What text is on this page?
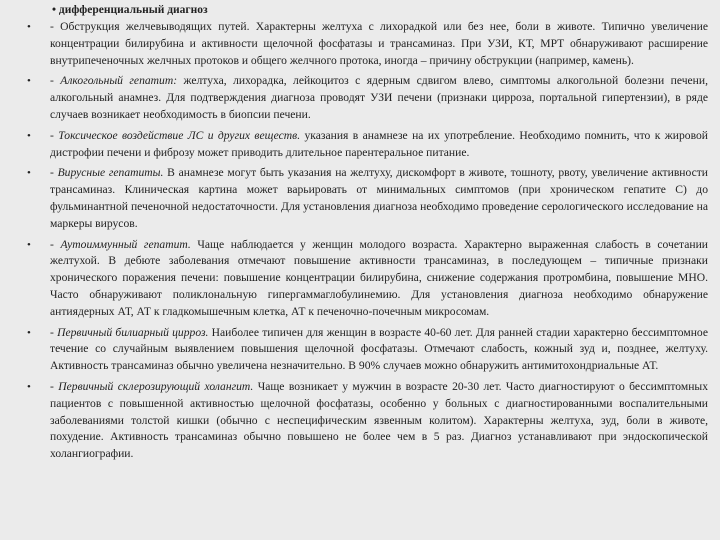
• дифференциальный диагноз
• - Обструкция желчевыводящих путей. Характерны желтуха с лихорадкой или без нее, боли в животе. Типично увеличение концентрации билирубина и активности щелочной фосфатазы и трансаминаз. При УЗИ, КТ, МРТ обнаруживают расширение внутрипеченочных желчных протоков и общего желчного протока, иногда – причину обструкции (например, камень).
• - Алкогольный гепатит: желтуха, лихорадка, лейкоцитоз с ядерным сдвигом влево, симптомы алкогольной болезни печени, алкогольный анамнез. Для подтверждения диагноза проводят УЗИ печени (признаки цирроза, портальной гипертензии), в ряде случаев возникает необходимость в биопсии печени.
• - Токсическое воздействие ЛС и других веществ. указания в анамнезе на их употребление. Необходимо помнить, что к жировой дистрофии печени и фиброзу может приводить длительное парентеральное питание.
• - Вирусные гепатиты. В анамнезе могут быть указания на желтуху, дискомфорт в животе, тошноту, рвоту, увеличение активности трансаминаз. Клиническая картина может варьировать от минимальных симптомов (при хроническом гепатите С) до фульминантной печеночной недостаточности. Для установления диагноза необходимо проведение серологического исследование на маркеры вирусов.
• - Аутоиммунный гепатит. Чаще наблюдается у женщин молодого возраста. Характерно выраженная слабость в сочетании желтухой. В дебюте заболевания отмечают повышение активности трансаминаз, в последующем – типичные признаки хронического поражения печени: повышение концентрации билирубина, снижение содержания протромбина, повышение МНО. Часто обнаруживают поликлональную гипергаммаглобулинемию. Для установления диагноза необходимо обнаружение антиядерных АТ, АТ к гладкомышечным клетка, АТ к печеночно-почечным микросомам.
• - Первичный билиарный цирроз. Наиболее типичен для женщин в возрасте 40-60 лет. Для ранней стадии характерно бессимптомное течение со случайным выявлением повышения щелочной фосфатазы. Отмечают слабость, кожный зуд и, позднее, желтуху. Активность трансаминаз обычно увеличена незначительно. В 90% случаев можно обнаружить антимитохондриальные АТ.
• - Первичный склерозирующий холангит. Чаще возникает у мужчин в возрасте 20-30 лет. Часто диагностируют о бессимптомных пациентов с повышенной активностью щелочной фосфатазы, особенно у больных с диагностированными воспалительными заболеваниями толстой кишки (обычно с неспецифическим язвенным колитом). Характерны желтуха, зуд, боли в животе, похудение. Активность трансаминаз обычно повышено не более чем в 5 раз. Диагноз устанавливают при эндоскопической холангиографии.
